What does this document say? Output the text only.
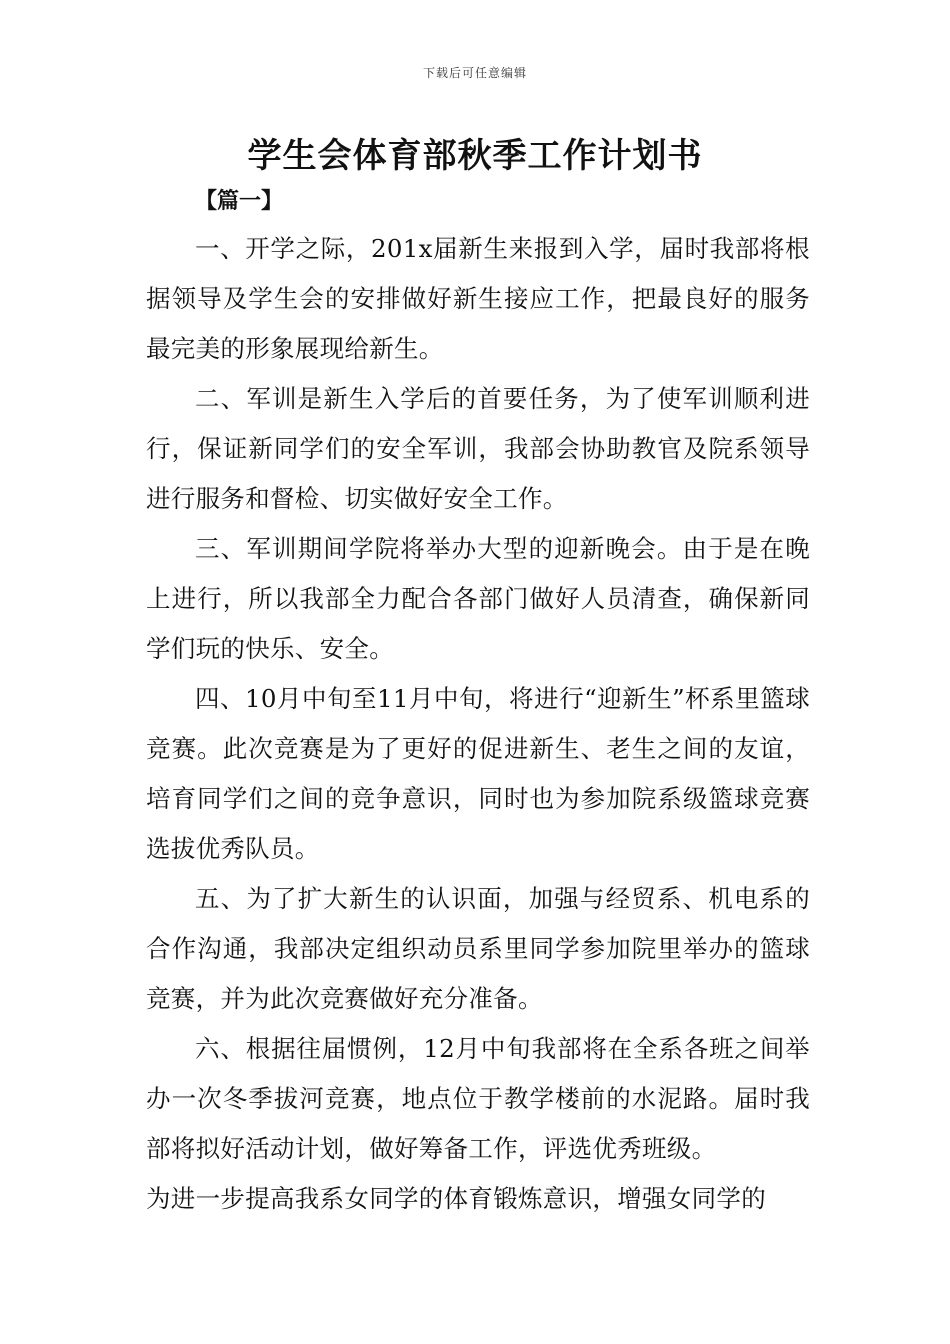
下载后可任意编辑
学生会体育部秋季工作计划书
【篇一】

一、开学之际，201x届新生来报到入学，届时我部将根据领导及学生会的安排做好新生接应工作，把最良好的服务最完美的形象展现给新生。

二、军训是新生入学后的首要任务，为了使军训顺利进行，保证新同学们的安全军训，我部会协助教官及院系领导进行服务和督检、切实做好安全工作。

三、军训期间学院将举办大型的迎新晚会。由于是在晚上进行，所以我部全力配合各部门做好人员清查，确保新同学们玩的快乐、安全。

四、10月中旬至11月中旬，将进行“迎新生”杯系里篮球竞赛。此次竞赛是为了更好的促进新生、老生之间的友谊，培育同学们之间的竞争意识，同时也为参加院系级篮球竞赛选拔优秀队员。

五、为了扩大新生的认识面，加强与经贸系、机电系的合作沟通，我部决定组织动员系里同学参加院里举办的篮球竞赛，并为此次竞赛做好充分准备。

六、根据往届惯例，12月中旬我部将在全系各班之间举办一次冬季拔河竞赛，地点位于教学楼前的水泥路。届时我部将拟好活动计划，做好筹备工作，评选优秀班级。

为进一步提高我系女同学的体育锻炼意识，增强女同学的
